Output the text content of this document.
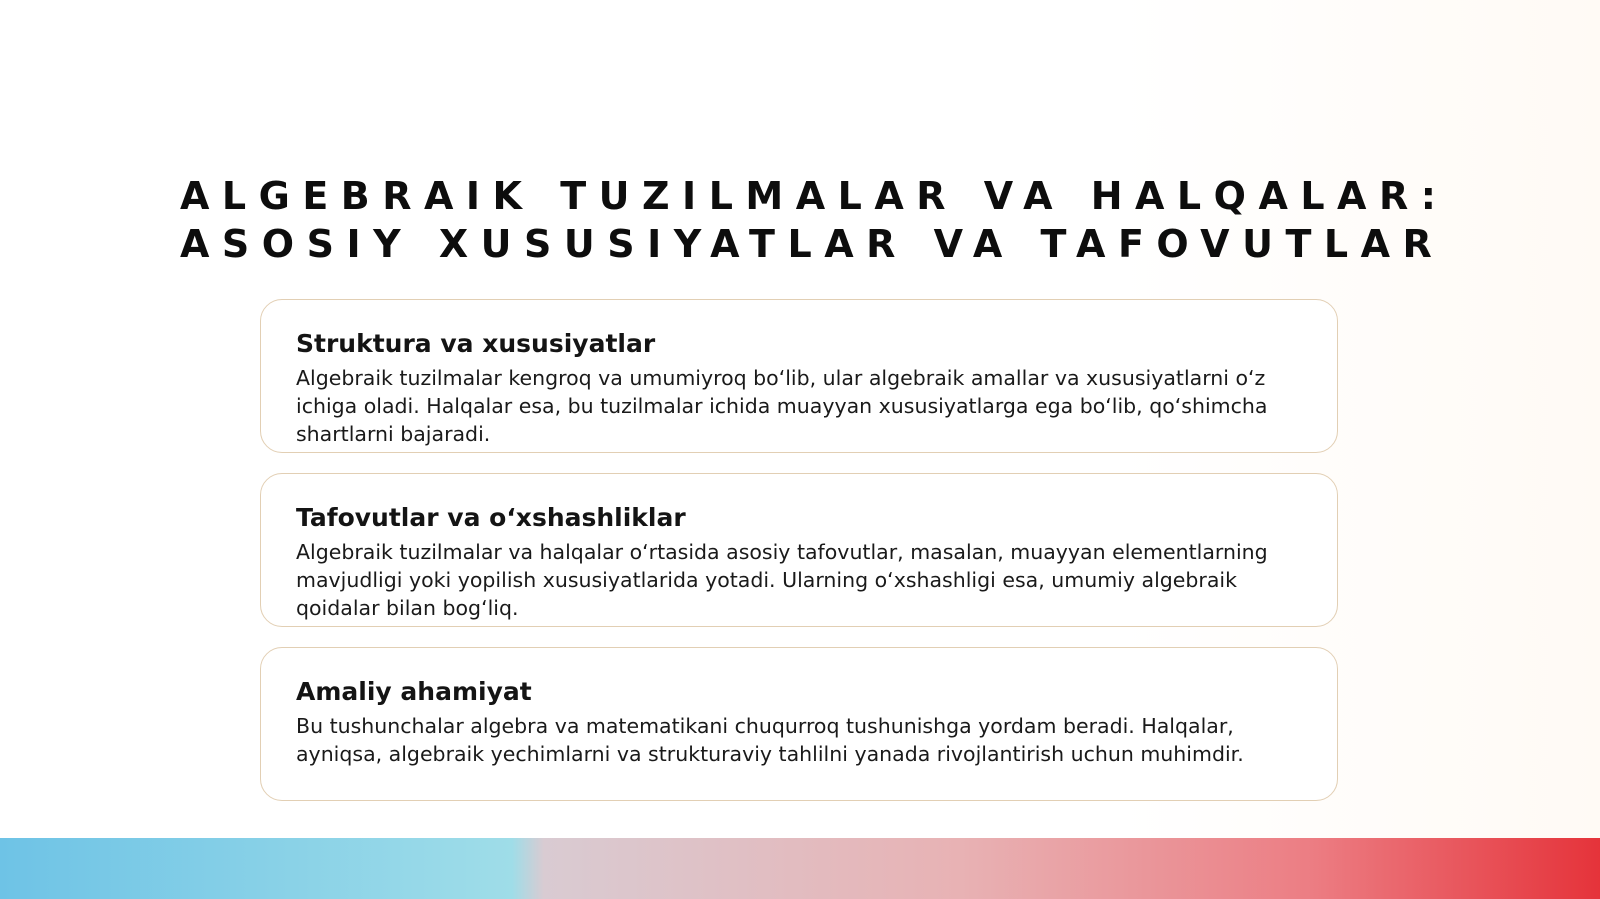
ALGEBRAIK TUZILMALAR VA HALQALAR:
ASOSIY XUSUSIYATLAR VA TAFOVUTLAR
Struktura va xususiyatlar

Algebraik tuzilmalar kengroq va umumiyroq bo‘lib, ular algebraik amallar va xususiyatlarni o‘z ichiga oladi. Halqalar esa, bu tuzilmalar ichida muayyan xususiyatlarga ega bo‘lib, qo‘shimcha shartlarni bajaradi.

Tafovutlar va o‘xshashliklar

Algebraik tuzilmalar va halqalar o‘rtasida asosiy tafovutlar, masalan, muayyan elementlarning mavjudligi yoki yopilish xususiyatlarida yotadi. Ularning o‘xshashligi esa, umumiy algebraik qoidalar bilan bog‘liq.

Amaliy ahamiyat

Bu tushunchalar algebra va matematikani chuqurroq tushunishga yordam beradi. Halqalar, ayniqsa, algebraik yechimlarni va strukturaviy tahlilni yanada rivojlantirish uchun muhimdir.
